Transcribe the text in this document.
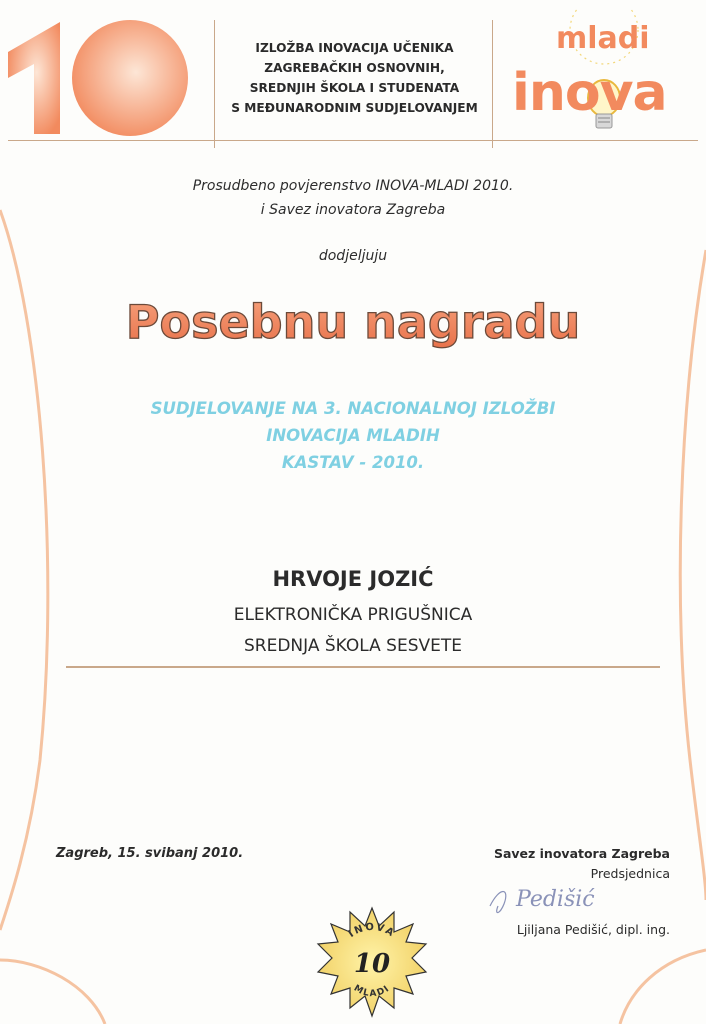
IZLOŽBA INOVACIJA UČENIKA
ZAGREBAČKIH OSNOVNIH,
SREDNJIH ŠKOLA I STUDENATA
S MEĐUNARODNIM SUDJELOVANJEM
mladi
inova
Prosudbeno povjerenstvo INOVA-MLADI 2010.
i Savez inovatora Zagreba
dodjeljuju
Posebnu nagradu
SUDJELOVANJE NA 3. NACIONALNOJ IZLOŽBI
INOVACIJA MLADIH
KASTAV - 2010.
HRVOJE JOZIĆ
ELEKTRONIČKA PRIGUŠNICA
SREDNJA ŠKOLA SESVETE
Zagreb, 15. svibanj 2010.	Savez inovatora Zagreba
Predsjednica
Pedišić
Ljiljana Pedišić, dipl. ing.
INOVA
10
MLADI
